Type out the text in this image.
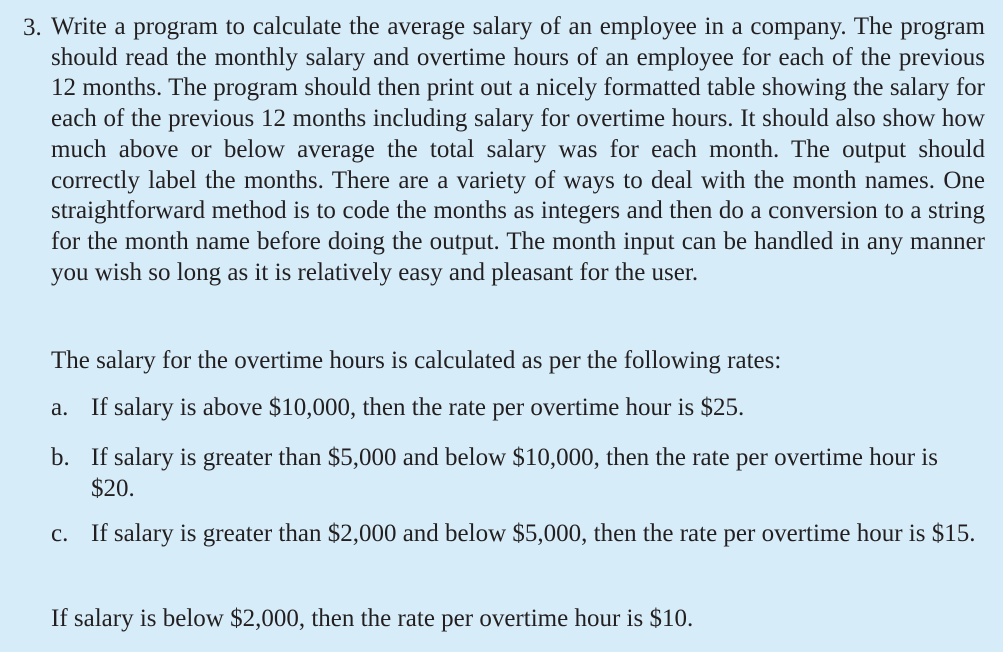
3. Write a program to calculate the average salary of an employee in a company. The program should read the monthly salary and overtime hours of an employee for each of the previous 12 months. The program should then print out a nicely formatted table showing the salary for each of the previous 12 months including salary for overtime hours. It should also show how much above or below average the total salary was for each month. The output should correctly label the months. There are a variety of ways to deal with the month names. One straightforward method is to code the months as integers and then do a conversion to a string for the month name before doing the output. The month input can be handled in any manner you wish so long as it is relatively easy and pleasant for the user.

The salary for the overtime hours is calculated as per the following rates:

a. If salary is above $10,000, then the rate per overtime hour is $25.
b. If salary is greater than $5,000 and below $10,000, then the rate per overtime hour is $20.
c. If salary is greater than $2,000 and below $5,000, then the rate per overtime hour is $15.

If salary is below $2,000, then the rate per overtime hour is $10.
